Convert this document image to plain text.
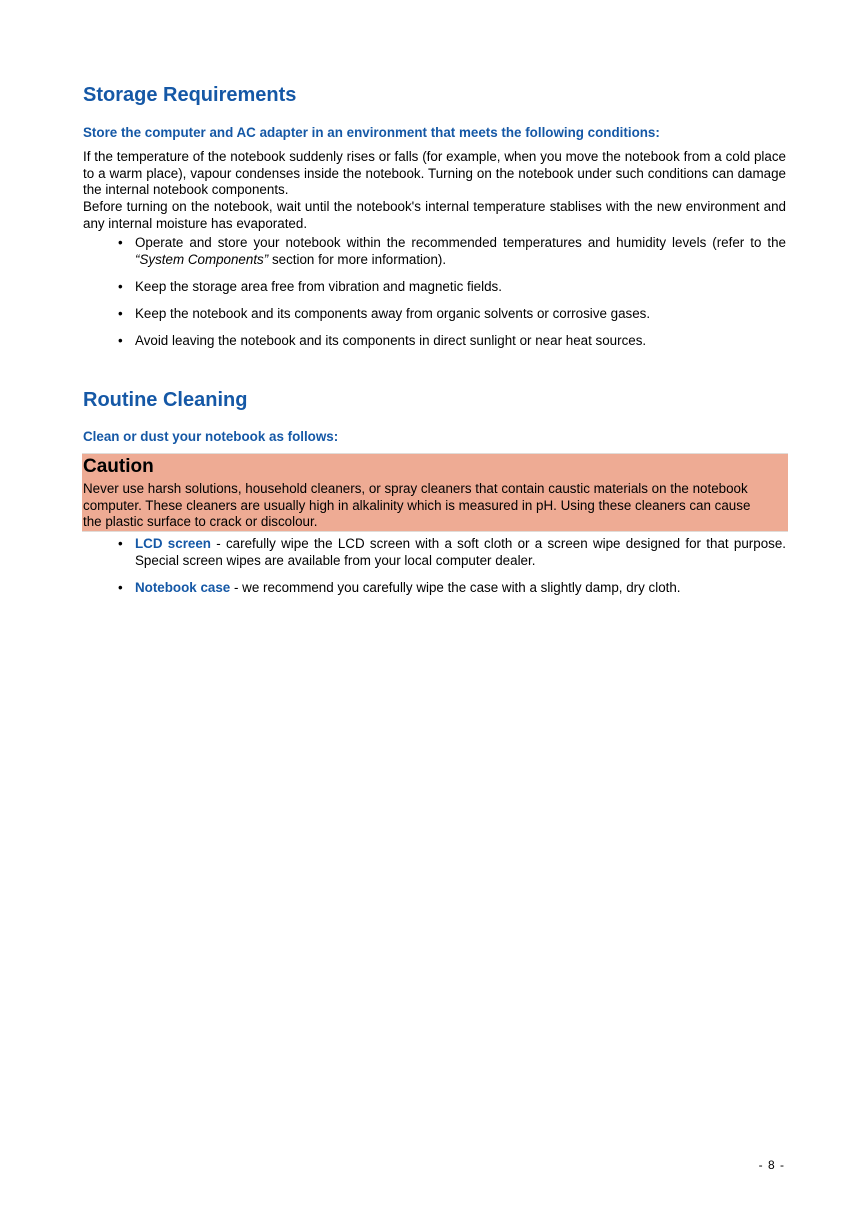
Storage Requirements
Store the computer and AC adapter in an environment that meets the following conditions:

If the temperature of the notebook suddenly rises or falls (for example, when you move the notebook from a cold place to a warm place), vapour condenses inside the notebook. Turning on the notebook under such conditions can damage the internal notebook components.

Before turning on the notebook, wait until the notebook's internal temperature stablises with the new environment and any internal moisture has evaporated.

• Operate and store your notebook within the recommended temperatures and humidity levels (refer to the “System Components” section for more information).
• Keep the storage area free from vibration and magnetic fields.
• Keep the notebook and its components away from organic solvents or corrosive gases.
• Avoid leaving the notebook and its components in direct sunlight or near heat sources.
Routine Cleaning
Clean or dust your notebook as follows:
Caution
Never use harsh solutions, household cleaners, or spray cleaners that contain caustic materials on the notebook computer. These cleaners are usually high in alkalinity which is measured in pH. Using these cleaners can cause the plastic surface to crack or discolour.
• LCD screen - carefully wipe the LCD screen with a soft cloth or a screen wipe designed for that purpose. Special screen wipes are available from your local computer dealer.
• Notebook case - we recommend you carefully wipe the case with a slightly damp, dry cloth.
- 8 -
